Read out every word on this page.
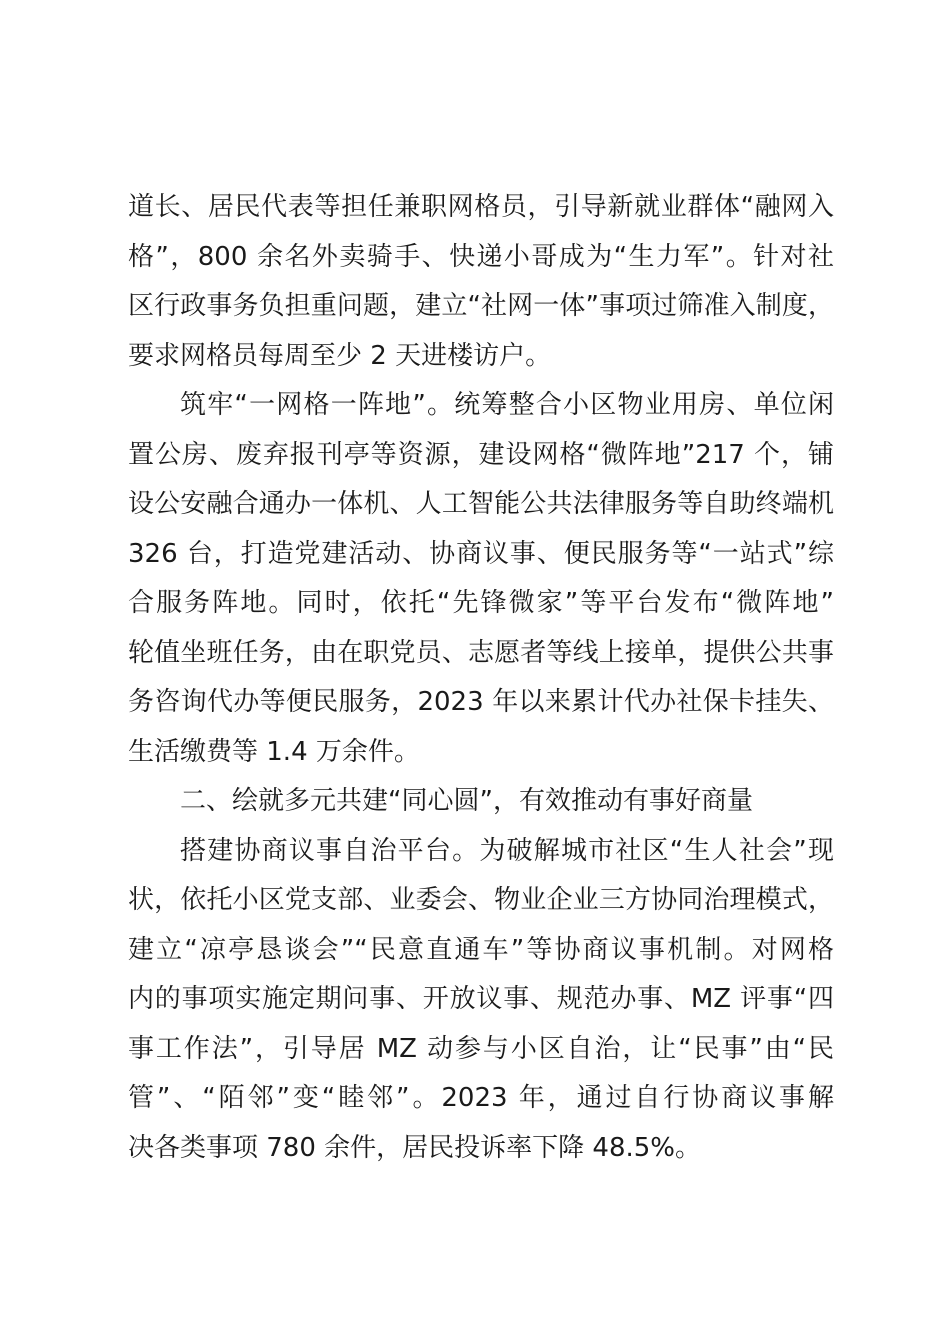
道长、居民代表等担任兼职网格员，引导新就业群体“融网入
格”，800 余名外卖骑手、快递小哥成为“生力军”。针对社
区行政事务负担重问题，建立“社网一体”事项过筛准入制度，
要求网格员每周至少 2 天进楼访户。
筑牢“一网格一阵地”。统筹整合小区物业用房、单位闲
置公房、废弃报刊亭等资源，建设网格“微阵地”217 个，铺
设公安融合通办一体机、人工智能公共法律服务等自助终端机
326 台，打造党建活动、协商议事、便民服务等“一站式”综
合服务阵地。同时，依托“先锋微家”等平台发布“微阵地”
轮值坐班任务，由在职党员、志愿者等线上接单，提供公共事
务咨询代办等便民服务，2023 年以来累计代办社保卡挂失、
生活缴费等 1.4 万余件。
二、绘就多元共建“同心圆”，有效推动有事好商量
搭建协商议事自治平台。为破解城市社区“生人社会”现
状，依托小区党支部、业委会、物业企业三方协同治理模式，
建立“凉亭恳谈会”“民意直通车”等协商议事机制。对网格
内的事项实施定期问事、开放议事、规范办事、MZ 评事“四
事工作法”，引导居 MZ 动参与小区自治，让“民事”由“民
管”、“陌邻”变“睦邻”。2023 年，通过自行协商议事解
决各类事项 780 余件，居民投诉率下降 48.5%。
